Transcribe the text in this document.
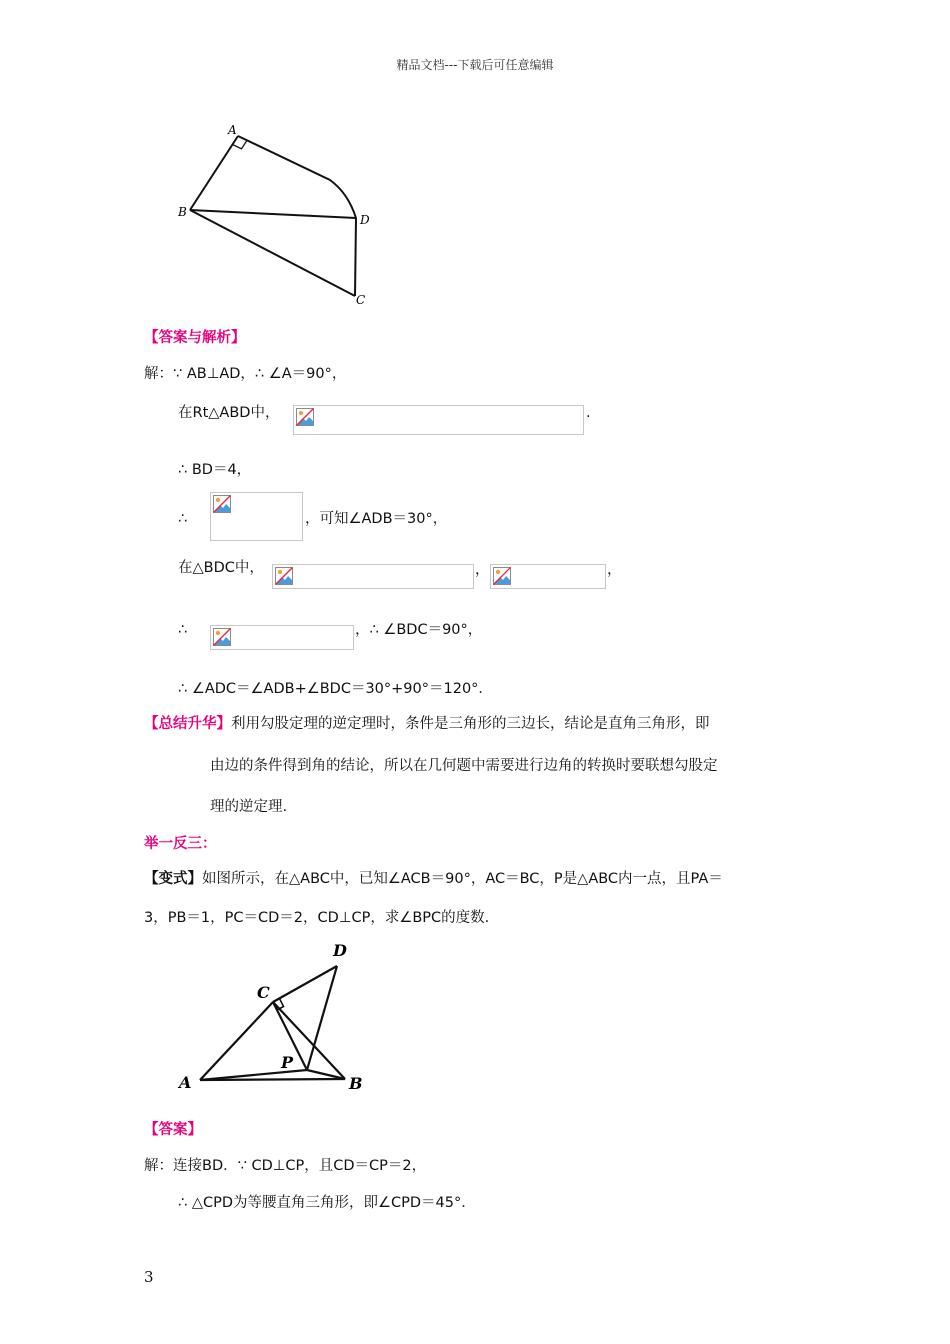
精品文档---下载后可任意编辑
A
B
D
C
【答案与解析】
解：∵ AB⊥AD，∴ ∠A＝90°，
在Rt△ABD中，	.
∴ BD＝4，
∴	，可知∠ADB＝30°，
在△BDC中，	，	，
∴	，∴ ∠BDC＝90°，
∴ ∠ADC＝∠ADB+∠BDC＝30°+90°＝120°．
【总结升华】利用勾股定理的逆定理时，条件是三角形的三边长，结论是直角三角形，即
由边的条件得到角的结论，所以在几何题中需要进行边角的转换时要联想勾股定
理的逆定理.
举一反三：
【变式】如图所示，在△ABC中，已知∠ACB＝90°，AC＝BC，P是△ABC内一点，且PA＝
3，PB＝1，PC＝CD＝2，CD⊥CP，求∠BPC的度数.
A	B
C
D
P
【答案】
解：连接BD．∵ CD⊥CP，且CD＝CP＝2，
∴ △CPD为等腰直角三角形，即∠CPD＝45°．
3
